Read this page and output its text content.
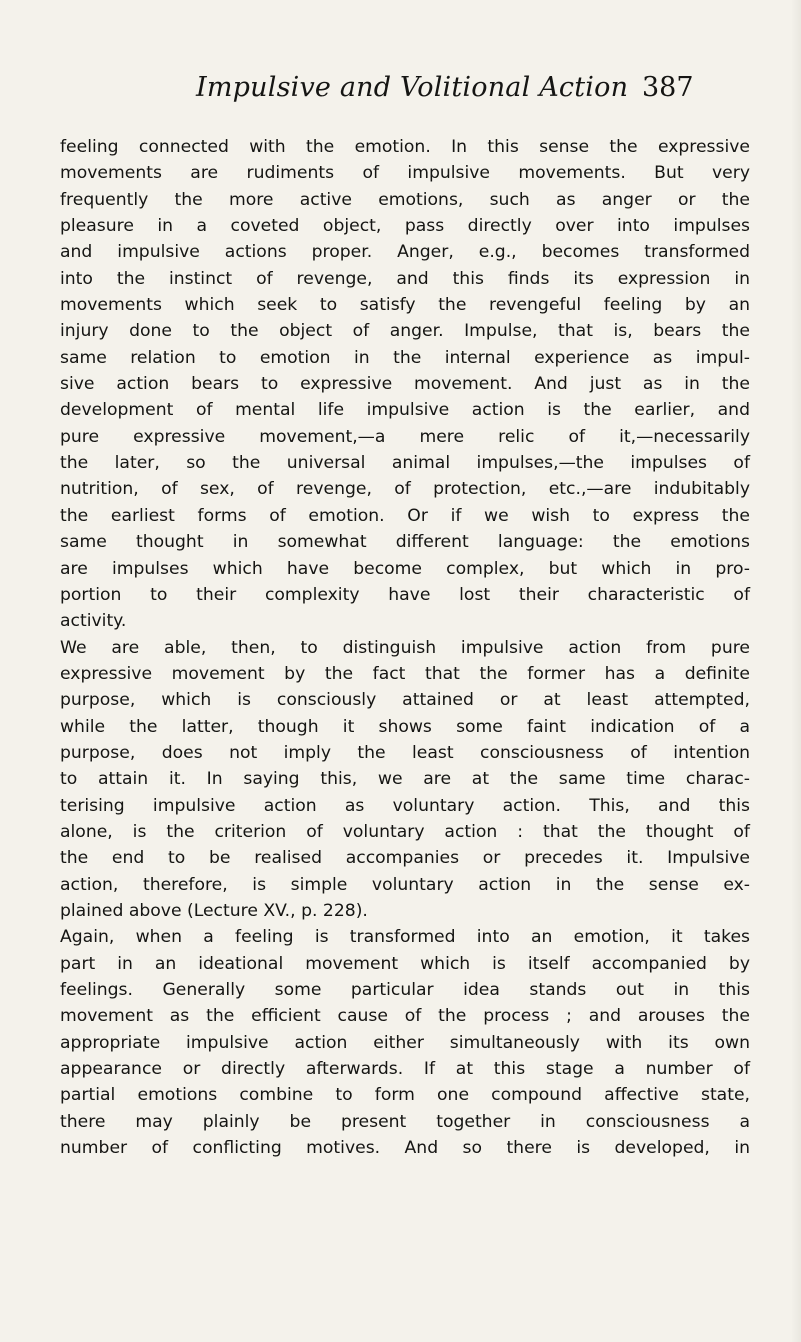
Impulsive and Volitional Action 387
feeling connected with the emotion. In this sense the expressive
movements are rudiments of impulsive movements. But very
frequently the more active emotions, such as anger or the
pleasure in a coveted object, pass directly over into impulses
and impulsive actions proper. Anger, e.g., becomes transformed
into the instinct of revenge, and this finds its expression in
movements which seek to satisfy the revengeful feeling by an
injury done to the object of anger. Impulse, that is, bears the
same relation to emotion in the internal experience as impul-
sive action bears to expressive movement. And just as in the
development of mental life impulsive action is the earlier, and
pure expressive movement,—a mere relic of it,—necessarily
the later, so the universal animal impulses,—the impulses of
nutrition, of sex, of revenge, of protection, etc.,—are indubitably
the earliest forms of emotion. Or if we wish to express the
same thought in somewhat different language: the emotions
are impulses which have become complex, but which in pro-
portion to their complexity have lost their characteristic of
activity.
We are able, then, to distinguish impulsive action from pure
expressive movement by the fact that the former has a definite
purpose, which is consciously attained or at least attempted,
while the latter, though it shows some faint indication of a
purpose, does not imply the least consciousness of intention
to attain it. In saying this, we are at the same time charac-
terising impulsive action as voluntary action. This, and this
alone, is the criterion of voluntary action : that the thought of
the end to be realised accompanies or precedes it. Impulsive
action, therefore, is simple voluntary action in the sense ex-
plained above (Lecture XV., p. 228).
Again, when a feeling is transformed into an emotion, it takes
part in an ideational movement which is itself accompanied by
feelings. Generally some particular idea stands out in this
movement as the efficient cause of the process ; and arouses the
appropriate impulsive action either simultaneously with its own
appearance or directly afterwards. If at this stage a number of
partial emotions combine to form one compound affective state,
there may plainly be present together in consciousness a
number of conflicting motives. And so there is developed, in
